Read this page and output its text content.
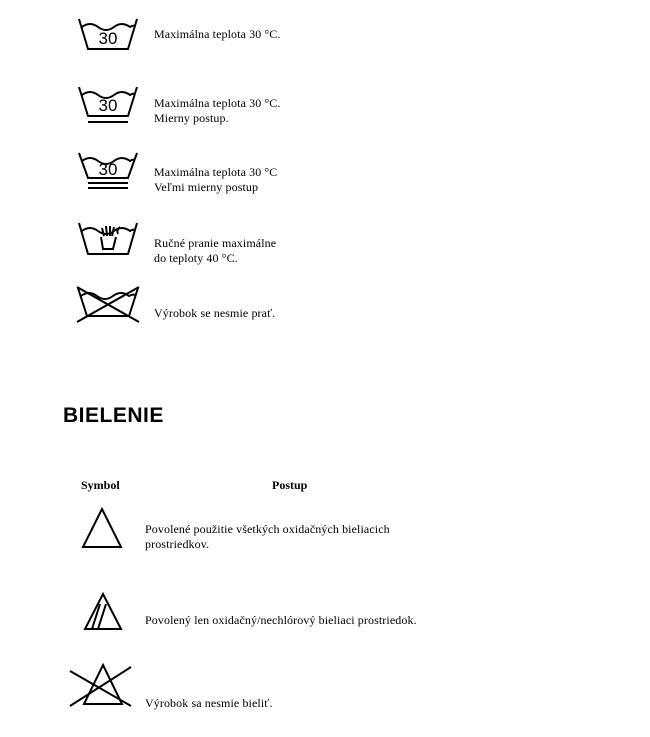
30	Maximálna teplota 30 °C.
30	Maximálna teplota 30 °C.
Mierny postup.
30	Maximálna teplota 30 °C
Veľmi mierny postup
Ručné pranie maximálne
do teploty 40 °C.
Výrobok se nesmie prať.
BIELENIE
Symbol	Postup
Povolené použitie všetkých oxidačných bieliacich
prostriedkov.
Povolený len oxidačný/nechlórový bieliaci prostriedok.
Výrobok sa nesmie bieliť.
